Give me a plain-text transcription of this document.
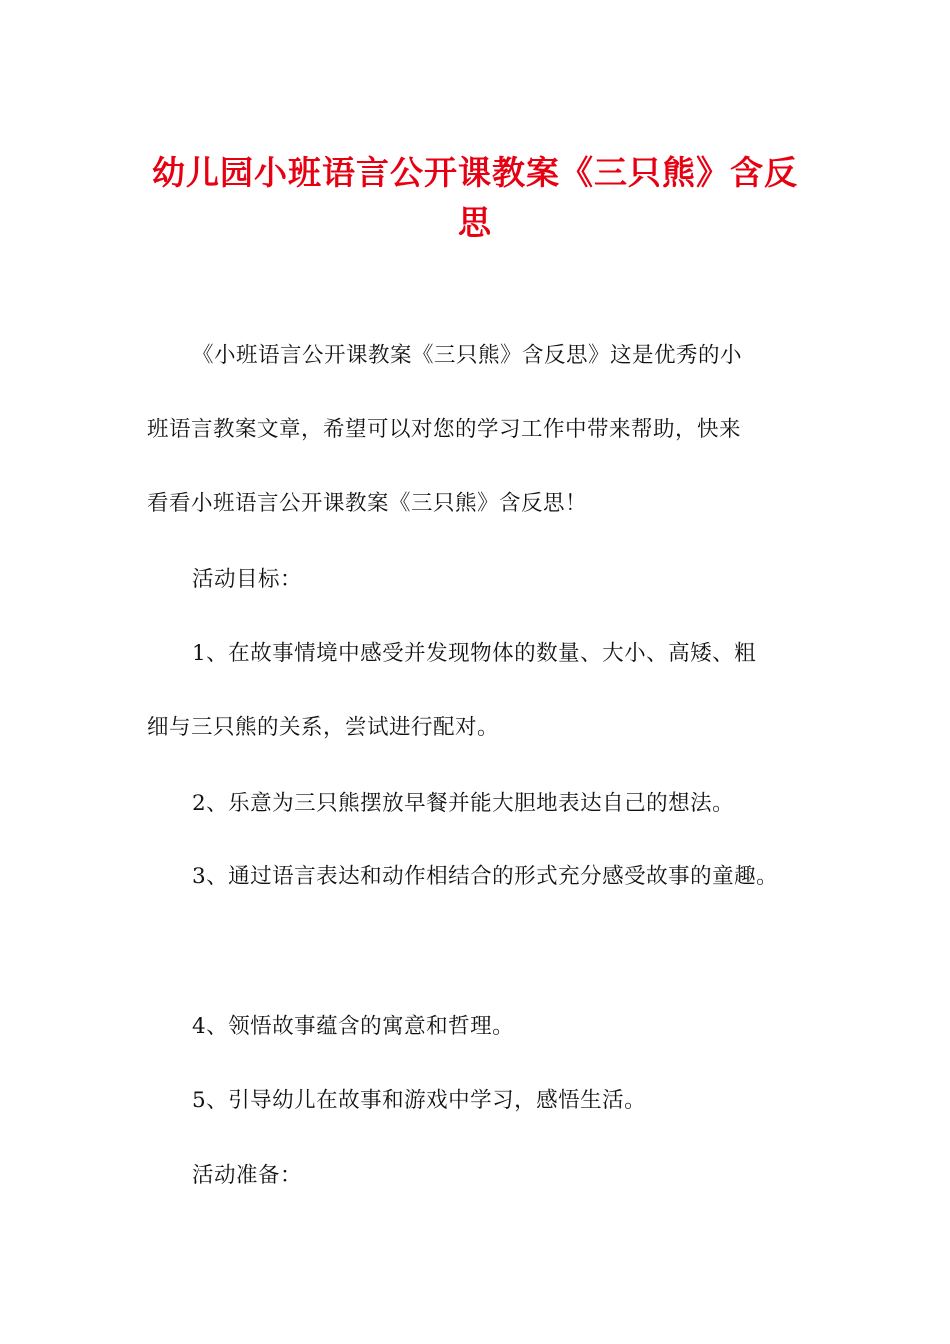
幼儿园小班语言公开课教案《三只熊》含反思
《小班语言公开课教案《三只熊》含反思》这是优秀的小
班语言教案文章，希望可以对您的学习工作中带来帮助，快来
看看小班语言公开课教案《三只熊》含反思！
活动目标：
1、在故事情境中感受并发现物体的数量、大小、高矮、粗
细与三只熊的关系，尝试进行配对。
2、乐意为三只熊摆放早餐并能大胆地表达自己的想法。
3、通过语言表达和动作相结合的形式充分感受故事的童趣。
4、领悟故事蕴含的寓意和哲理。
5、引导幼儿在故事和游戏中学习，感悟生活。
活动准备：
